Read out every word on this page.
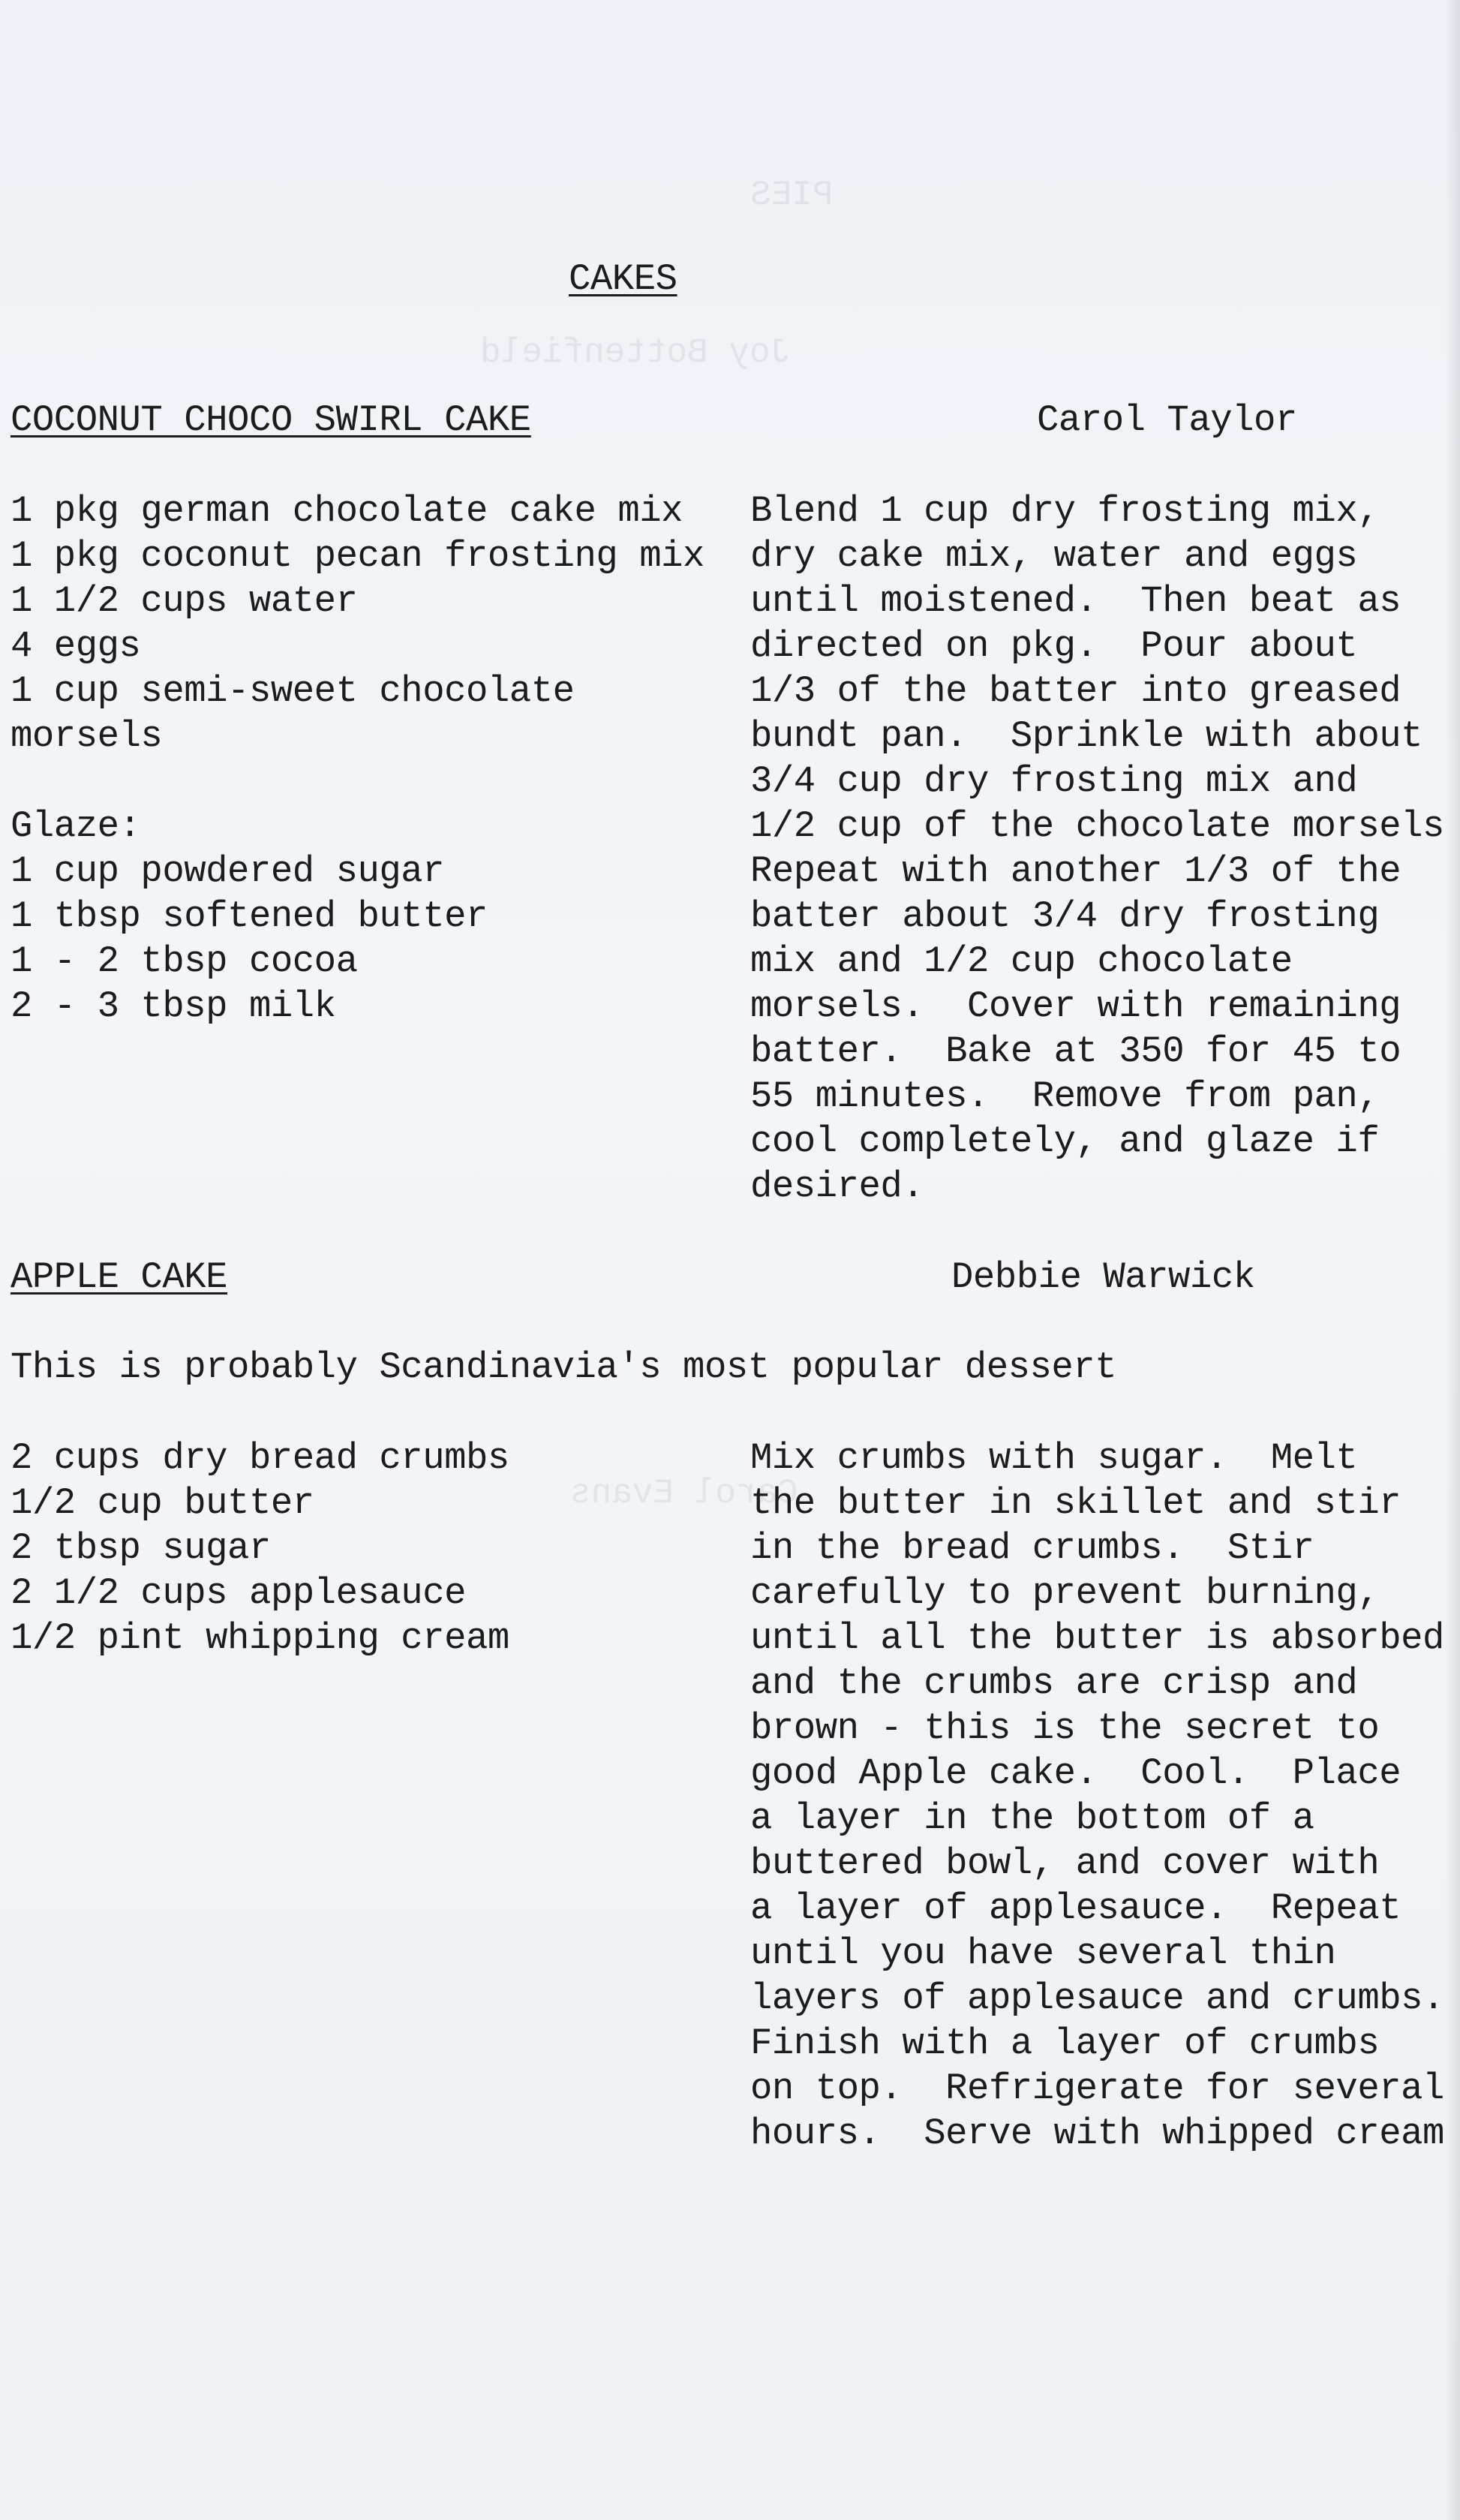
PIES
Joy Bottenfield
Carol Evans
CAKES
COCONUT CHOCO SWIRL CAKE	Carol Taylor
1 pkg german chocolate cake mix
1 pkg coconut pecan frosting mix
1 1/2 cups water
4 eggs
1 cup semi-sweet chocolate
morsels
Glaze:
1 cup powdered sugar
1 tbsp softened butter
1 - 2 tbsp cocoa
2 - 3 tbsp milk
Blend 1 cup dry frosting mix,
dry cake mix, water and eggs
until moistened.  Then beat as
directed on pkg.  Pour about
1/3 of the batter into greased
bundt pan.  Sprinkle with about
3/4 cup dry frosting mix and
1/2 cup of the chocolate morsels
Repeat with another 1/3 of the
batter about 3/4 dry frosting
mix and 1/2 cup chocolate
morsels.  Cover with remaining
batter.  Bake at 350 for 45 to
55 minutes.  Remove from pan,
cool completely, and glaze if
desired.
APPLE CAKE	Debbie Warwick
This is probably Scandinavia's most popular dessert
2 cups dry bread crumbs
1/2 cup butter
2 tbsp sugar
2 1/2 cups applesauce
1/2 pint whipping cream
Mix crumbs with sugar.  Melt
the butter in skillet and stir
in the bread crumbs.  Stir
carefully to prevent burning,
until all the butter is absorbed
and the crumbs are crisp and
brown - this is the secret to
good Apple cake.  Cool.  Place
a layer in the bottom of a
buttered bowl, and cover with
a layer of applesauce.  Repeat
until you have several thin
layers of applesauce and crumbs.
Finish with a layer of crumbs
on top.  Refrigerate for several
hours.  Serve with whipped cream
